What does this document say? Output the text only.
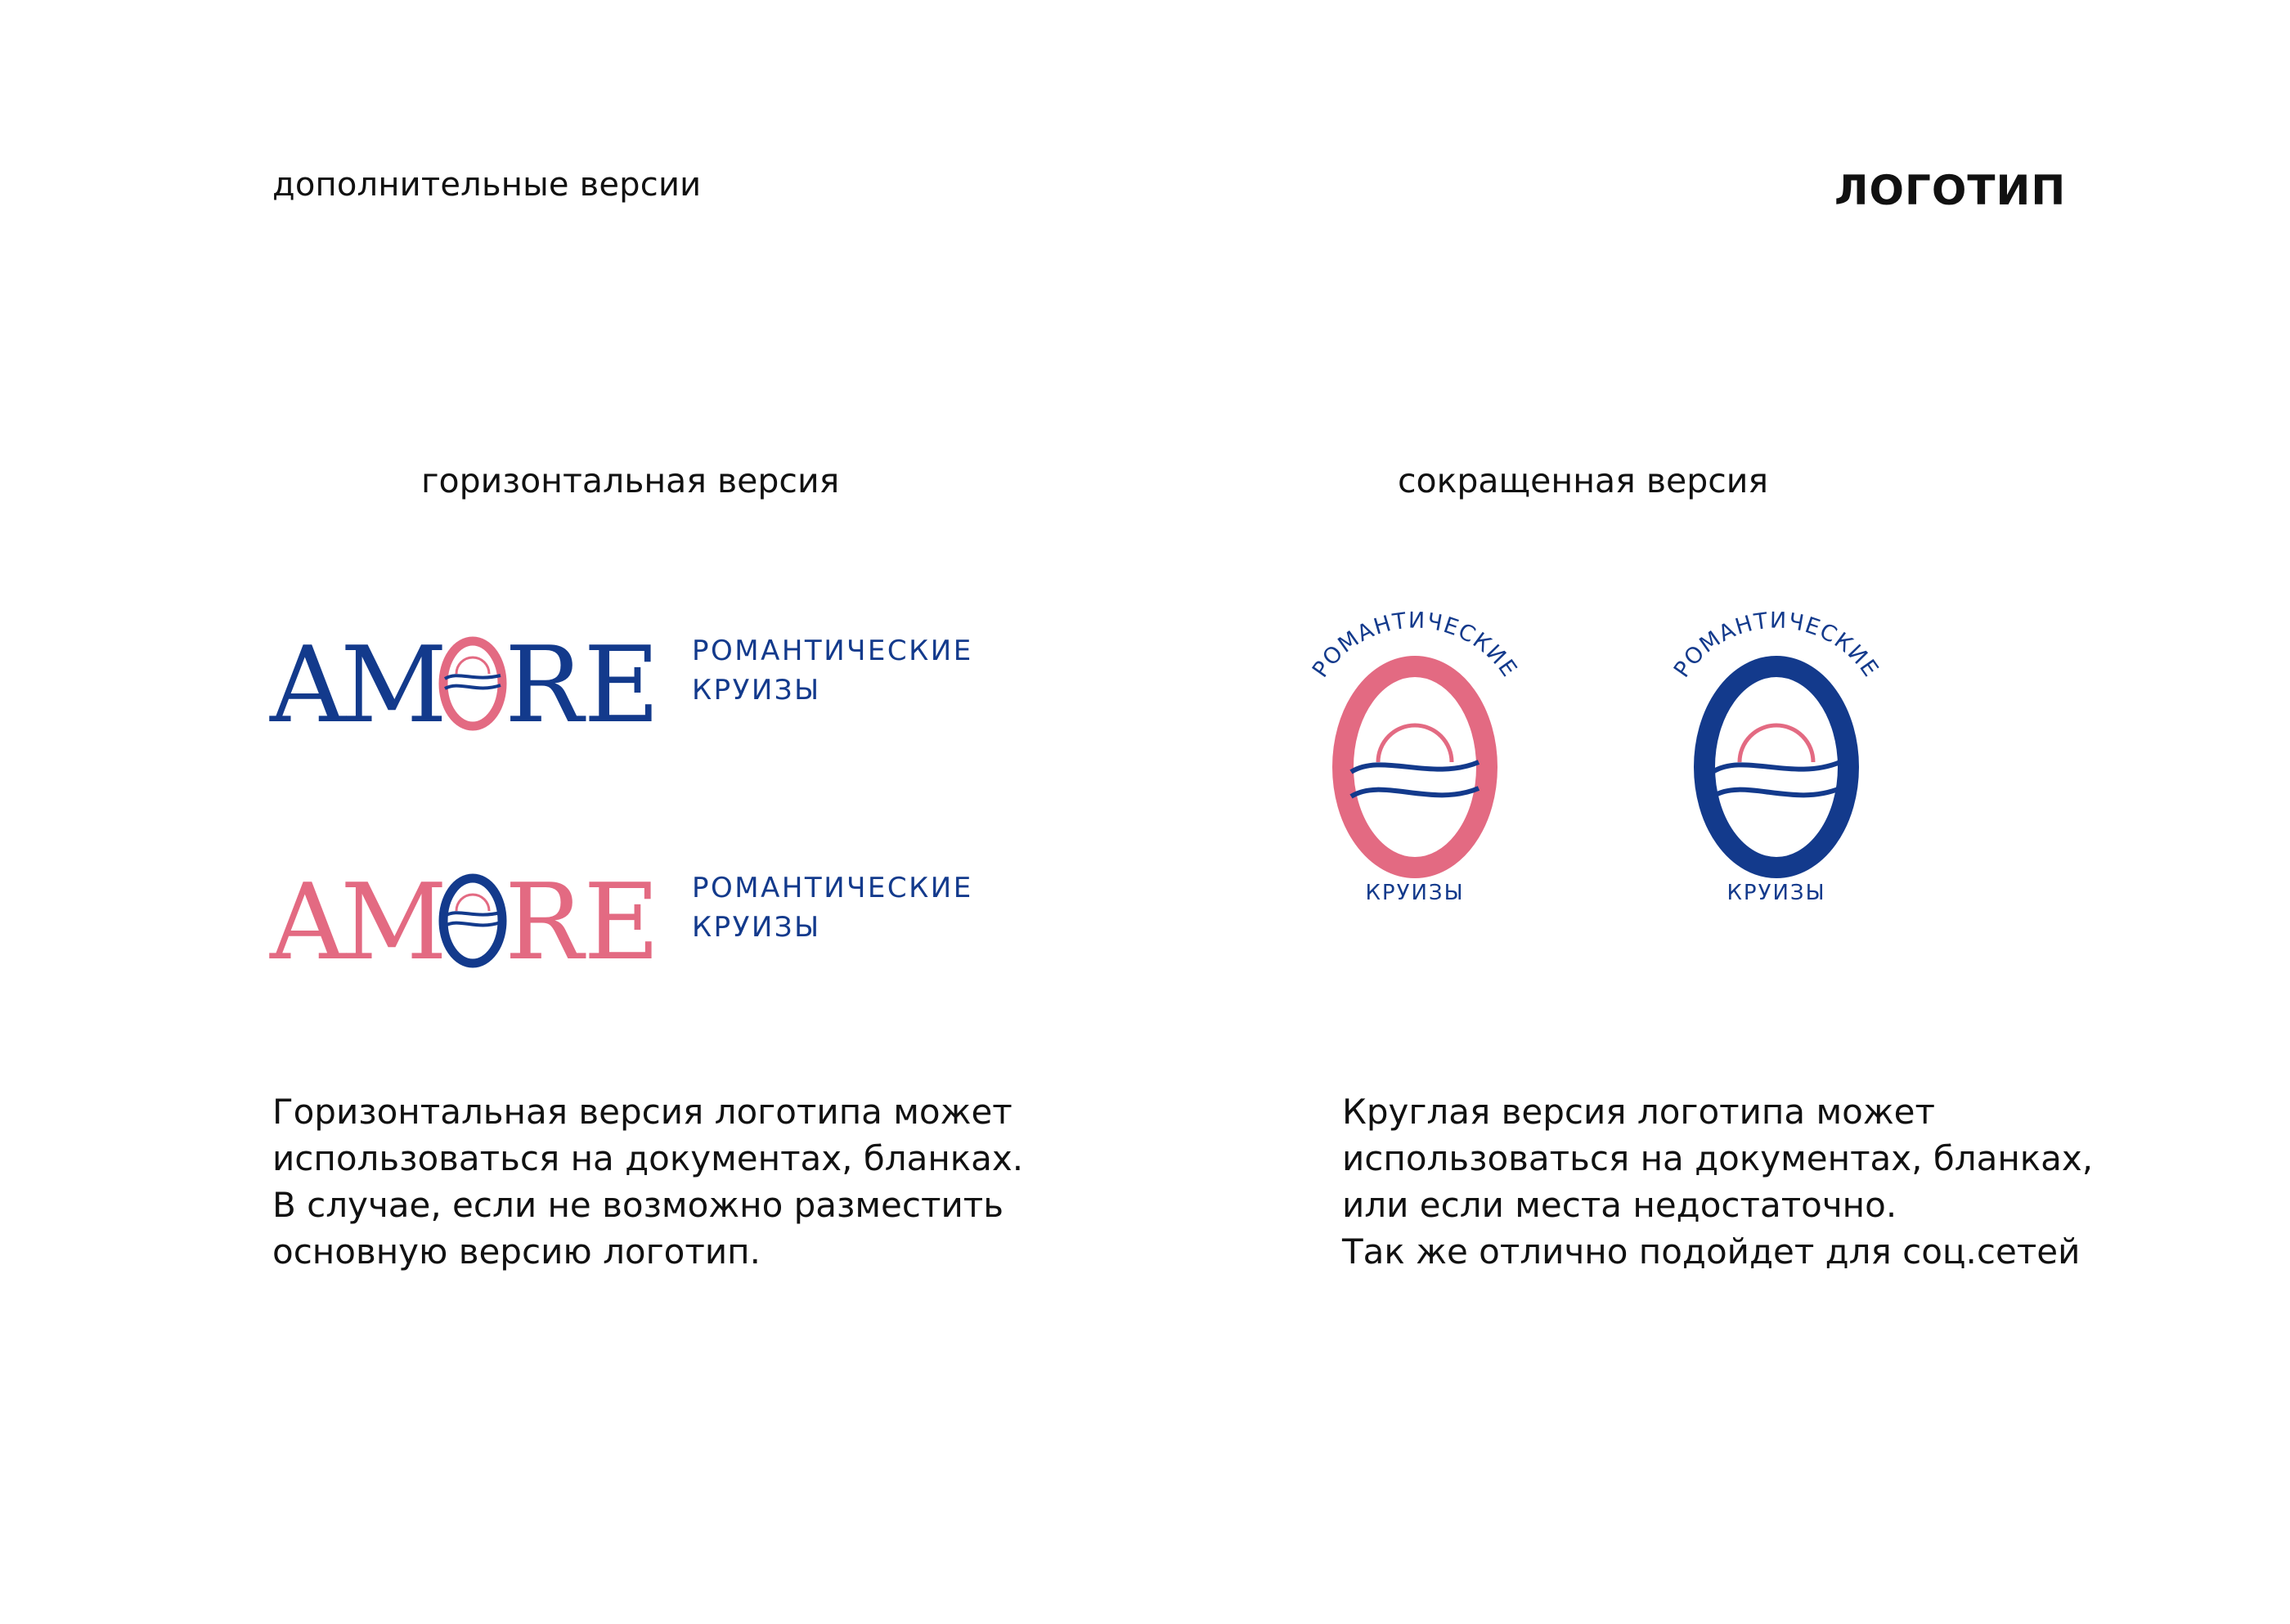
дополнительные версии	ЛОГОТИП
горизонтальная версия	сокращенная версия
A
M RE РОМАНТИЧЕСКИЕ
КРУИЗЫ
A
M RE РОМАНТИЧЕСКИЕ
КРУИЗЫ
РОМАНТИЧЕСКИЕ
КРУИЗЫ
РОМАНТИЧЕСКИЕ
КРУИЗЫ
Горизонтальная версия логотипа может
использоваться на документах, бланках.
В случае, если не возможно разместить
основную версию логотип.
Круглая версия логотипа может
использоваться на документах, бланках,
или если места недостаточно.
Так же отлично подойдет для соц.сетей
